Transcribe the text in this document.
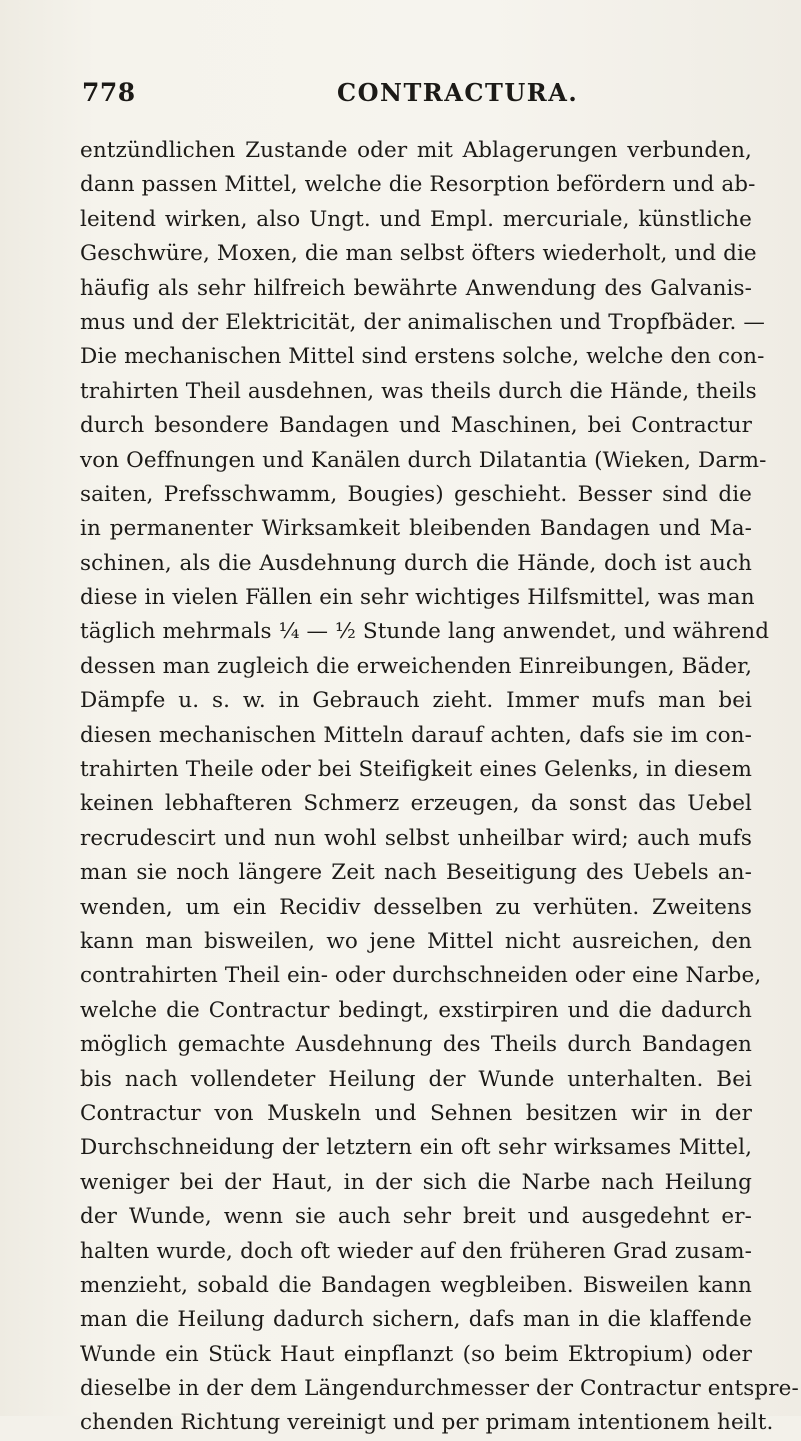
778	CONTRACTURA.
entzündlichen Zustande oder mit Ablagerungen verbunden,
dann passen Mittel, welche die Resorption befördern und ab-
leitend wirken, also Ungt. und Empl. mercuriale, künstliche
Geschwüre, Moxen, die man selbst öfters wiederholt, und die
häufig als sehr hilfreich bewährte Anwendung des Galvanis-
mus und der Elektricität, der animalischen und Tropfbäder. —
Die mechanischen Mittel sind erstens solche, welche den con-
trahirten Theil ausdehnen, was theils durch die Hände, theils
durch besondere Bandagen und Maschinen, bei Contractur
von Oeffnungen und Kanälen durch Dilatantia (Wieken, Darm-
saiten, Prefsschwamm, Bougies) geschieht. Besser sind die
in permanenter Wirksamkeit bleibenden Bandagen und Ma-
schinen, als die Ausdehnung durch die Hände, doch ist auch
diese in vielen Fällen ein sehr wichtiges Hilfsmittel, was man
täglich mehrmals ¼ — ½ Stunde lang anwendet, und während
dessen man zugleich die erweichenden Einreibungen, Bäder,
Dämpfe u. s. w. in Gebrauch zieht. Immer mufs man bei
diesen mechanischen Mitteln darauf achten, dafs sie im con-
trahirten Theile oder bei Steifigkeit eines Gelenks, in diesem
keinen lebhafteren Schmerz erzeugen, da sonst das Uebel
recrudescirt und nun wohl selbst unheilbar wird; auch mufs
man sie noch längere Zeit nach Beseitigung des Uebels an-
wenden, um ein Recidiv desselben zu verhüten. Zweitens
kann man bisweilen, wo jene Mittel nicht ausreichen, den
contrahirten Theil ein- oder durchschneiden oder eine Narbe,
welche die Contractur bedingt, exstirpiren und die dadurch
möglich gemachte Ausdehnung des Theils durch Bandagen
bis nach vollendeter Heilung der Wunde unterhalten. Bei
Contractur von Muskeln und Sehnen besitzen wir in der
Durchschneidung der letztern ein oft sehr wirksames Mittel,
weniger bei der Haut, in der sich die Narbe nach Heilung
der Wunde, wenn sie auch sehr breit und ausgedehnt er-
halten wurde, doch oft wieder auf den früheren Grad zusam-
menzieht, sobald die Bandagen wegbleiben. Bisweilen kann
man die Heilung dadurch sichern, dafs man in die klaffende
Wunde ein Stück Haut einpflanzt (so beim Ektropium) oder
dieselbe in der dem Längendurchmesser der Contractur entspre-
chenden Richtung vereinigt und per primam intentionem heilt.
